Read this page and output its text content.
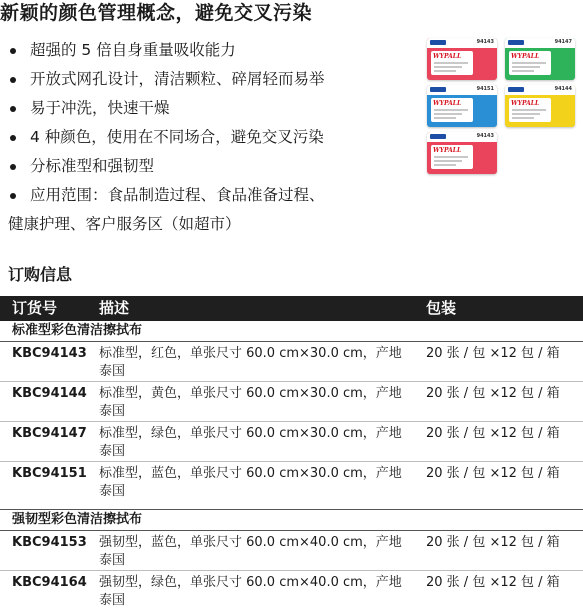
新颖的颜色管理概念，避免交叉污染
超强的 5 倍自身重量吸收能力
开放式网孔设计，清洁颗粒、碎屑轻而易举
易于冲洗，快速干燥
4 种颜色，使用在不同场合，避免交叉污染
分标准型和强韧型
应用范围：食品制造过程、食品准备过程、
健康护理、客户服务区（如超市）
94143
WYPALL
94147
WYPALL
94151
WYPALL
94144
WYPALL
94143
WYPALL
订购信息
订货号	描述	包装
标准型彩色清洁擦拭布
KBC94143 标准型，红色，单张尺寸 60.0 cm×30.0 cm，产地泰国
20 张 / 包 ×12 包 / 箱
KBC94144 标准型，黄色，单张尺寸 60.0 cm×30.0 cm，产地泰国
20 张 / 包 ×12 包 / 箱
KBC94147 标准型，绿色，单张尺寸 60.0 cm×30.0 cm，产地泰国
20 张 / 包 ×12 包 / 箱
KBC94151 标准型，蓝色，单张尺寸 60.0 cm×30.0 cm，产地泰国
20 张 / 包 ×12 包 / 箱
强韧型彩色清洁擦拭布
KBC94153 强韧型，蓝色，单张尺寸 60.0 cm×40.0 cm，产地泰国
20 张 / 包 ×12 包 / 箱
KBC94164 强韧型，绿色，单张尺寸 60.0 cm×40.0 cm，产地泰国
20 张 / 包 ×12 包 / 箱
